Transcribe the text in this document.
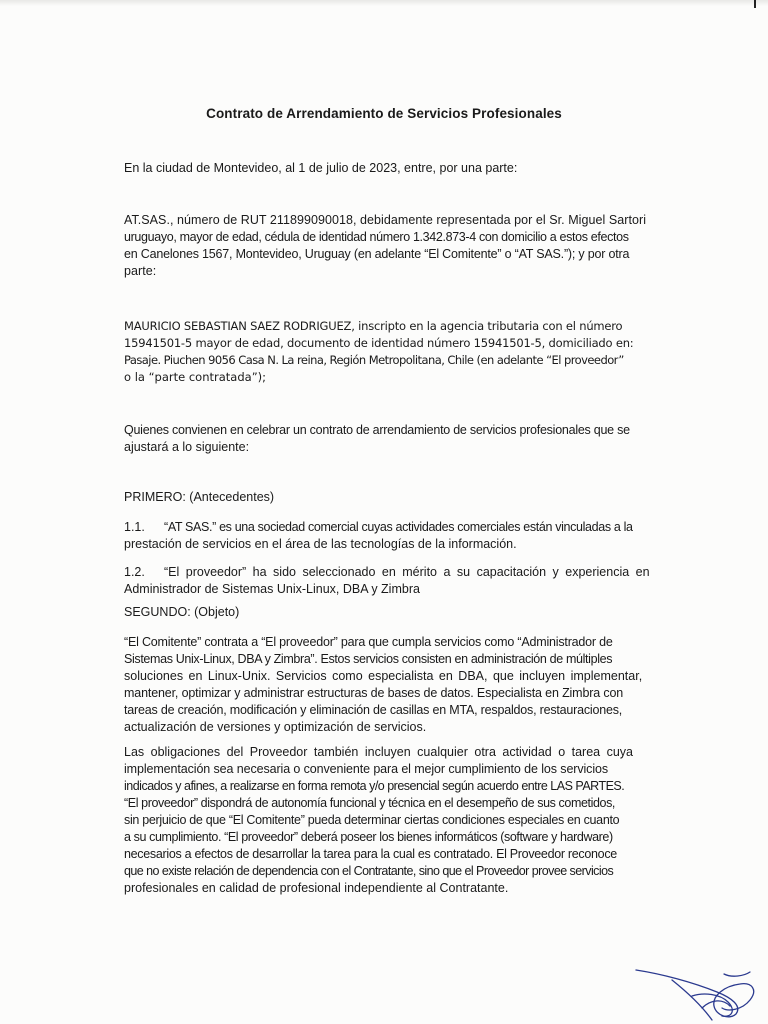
Contrato de Arrendamiento de Servicios Profesionales
En la ciudad de Montevideo, al 1 de julio de 2023, entre, por una parte:
AT.SAS., número de RUT 211899090018, debidamente representada por el Sr. Miguel Sartori
uruguayo, mayor de edad, cédula de identidad número 1.342.873-4 con domicilio a estos efectos
en Canelones 1567, Montevideo, Uruguay (en adelante “El Comitente” o “AT SAS.”); y por otra
parte:
MAURICIO SEBASTIAN SAEZ RODRIGUEZ, inscripto en la agencia tributaria con el número
15941501-5 mayor de edad, documento de identidad número 15941501-5, domiciliado en:
Pasaje. Piuchen 9056 Casa N. La reina, Región Metropolitana, Chile (en adelante “El proveedor”
o la “parte contratada”);
Quienes convienen en celebrar un contrato de arrendamiento de servicios profesionales que se
ajustará a lo siguiente:
PRIMERO: (Antecedentes)
1.1. “AT SAS.” es una sociedad comercial cuyas actividades comerciales están vinculadas a la
prestación de servicios en el área de las tecnologías de la información.
1.2. “El proveedor” ha sido seleccionado en mérito a su capacitación y experiencia en
Administrador de Sistemas Unix-Linux, DBA y Zimbra
SEGUNDO: (Objeto)
“El Comitente” contrata a “El proveedor” para que cumpla servicios como “Administrador de
Sistemas Unix-Linux, DBA y Zimbra”. Estos servicios consisten en administración de múltiples
soluciones en Linux-Unix. Servicios como especialista en DBA, que incluyen implementar,
mantener, optimizar y administrar estructuras de bases de datos. Especialista en Zimbra con
tareas de creación, modificación y eliminación de casillas en MTA, respaldos, restauraciones,
actualización de versiones y optimización de servicios.
Las obligaciones del Proveedor también incluyen cualquier otra actividad o tarea cuya
implementación sea necesaria o conveniente para el mejor cumplimiento de los servicios
indicados y afines, a realizarse en forma remota y/o presencial según acuerdo entre LAS PARTES.
“El proveedor” dispondrá de autonomía funcional y técnica en el desempeño de sus cometidos,
sin perjuicio de que “El Comitente” pueda determinar ciertas condiciones especiales en cuanto
a su cumplimiento. “El proveedor” deberá poseer los bienes informáticos (software y hardware)
necesarios a efectos de desarrollar la tarea para la cual es contratado. El Proveedor reconoce
que no existe relación de dependencia con el Contratante, sino que el Proveedor provee servicios
profesionales en calidad de profesional independiente al Contratante.
